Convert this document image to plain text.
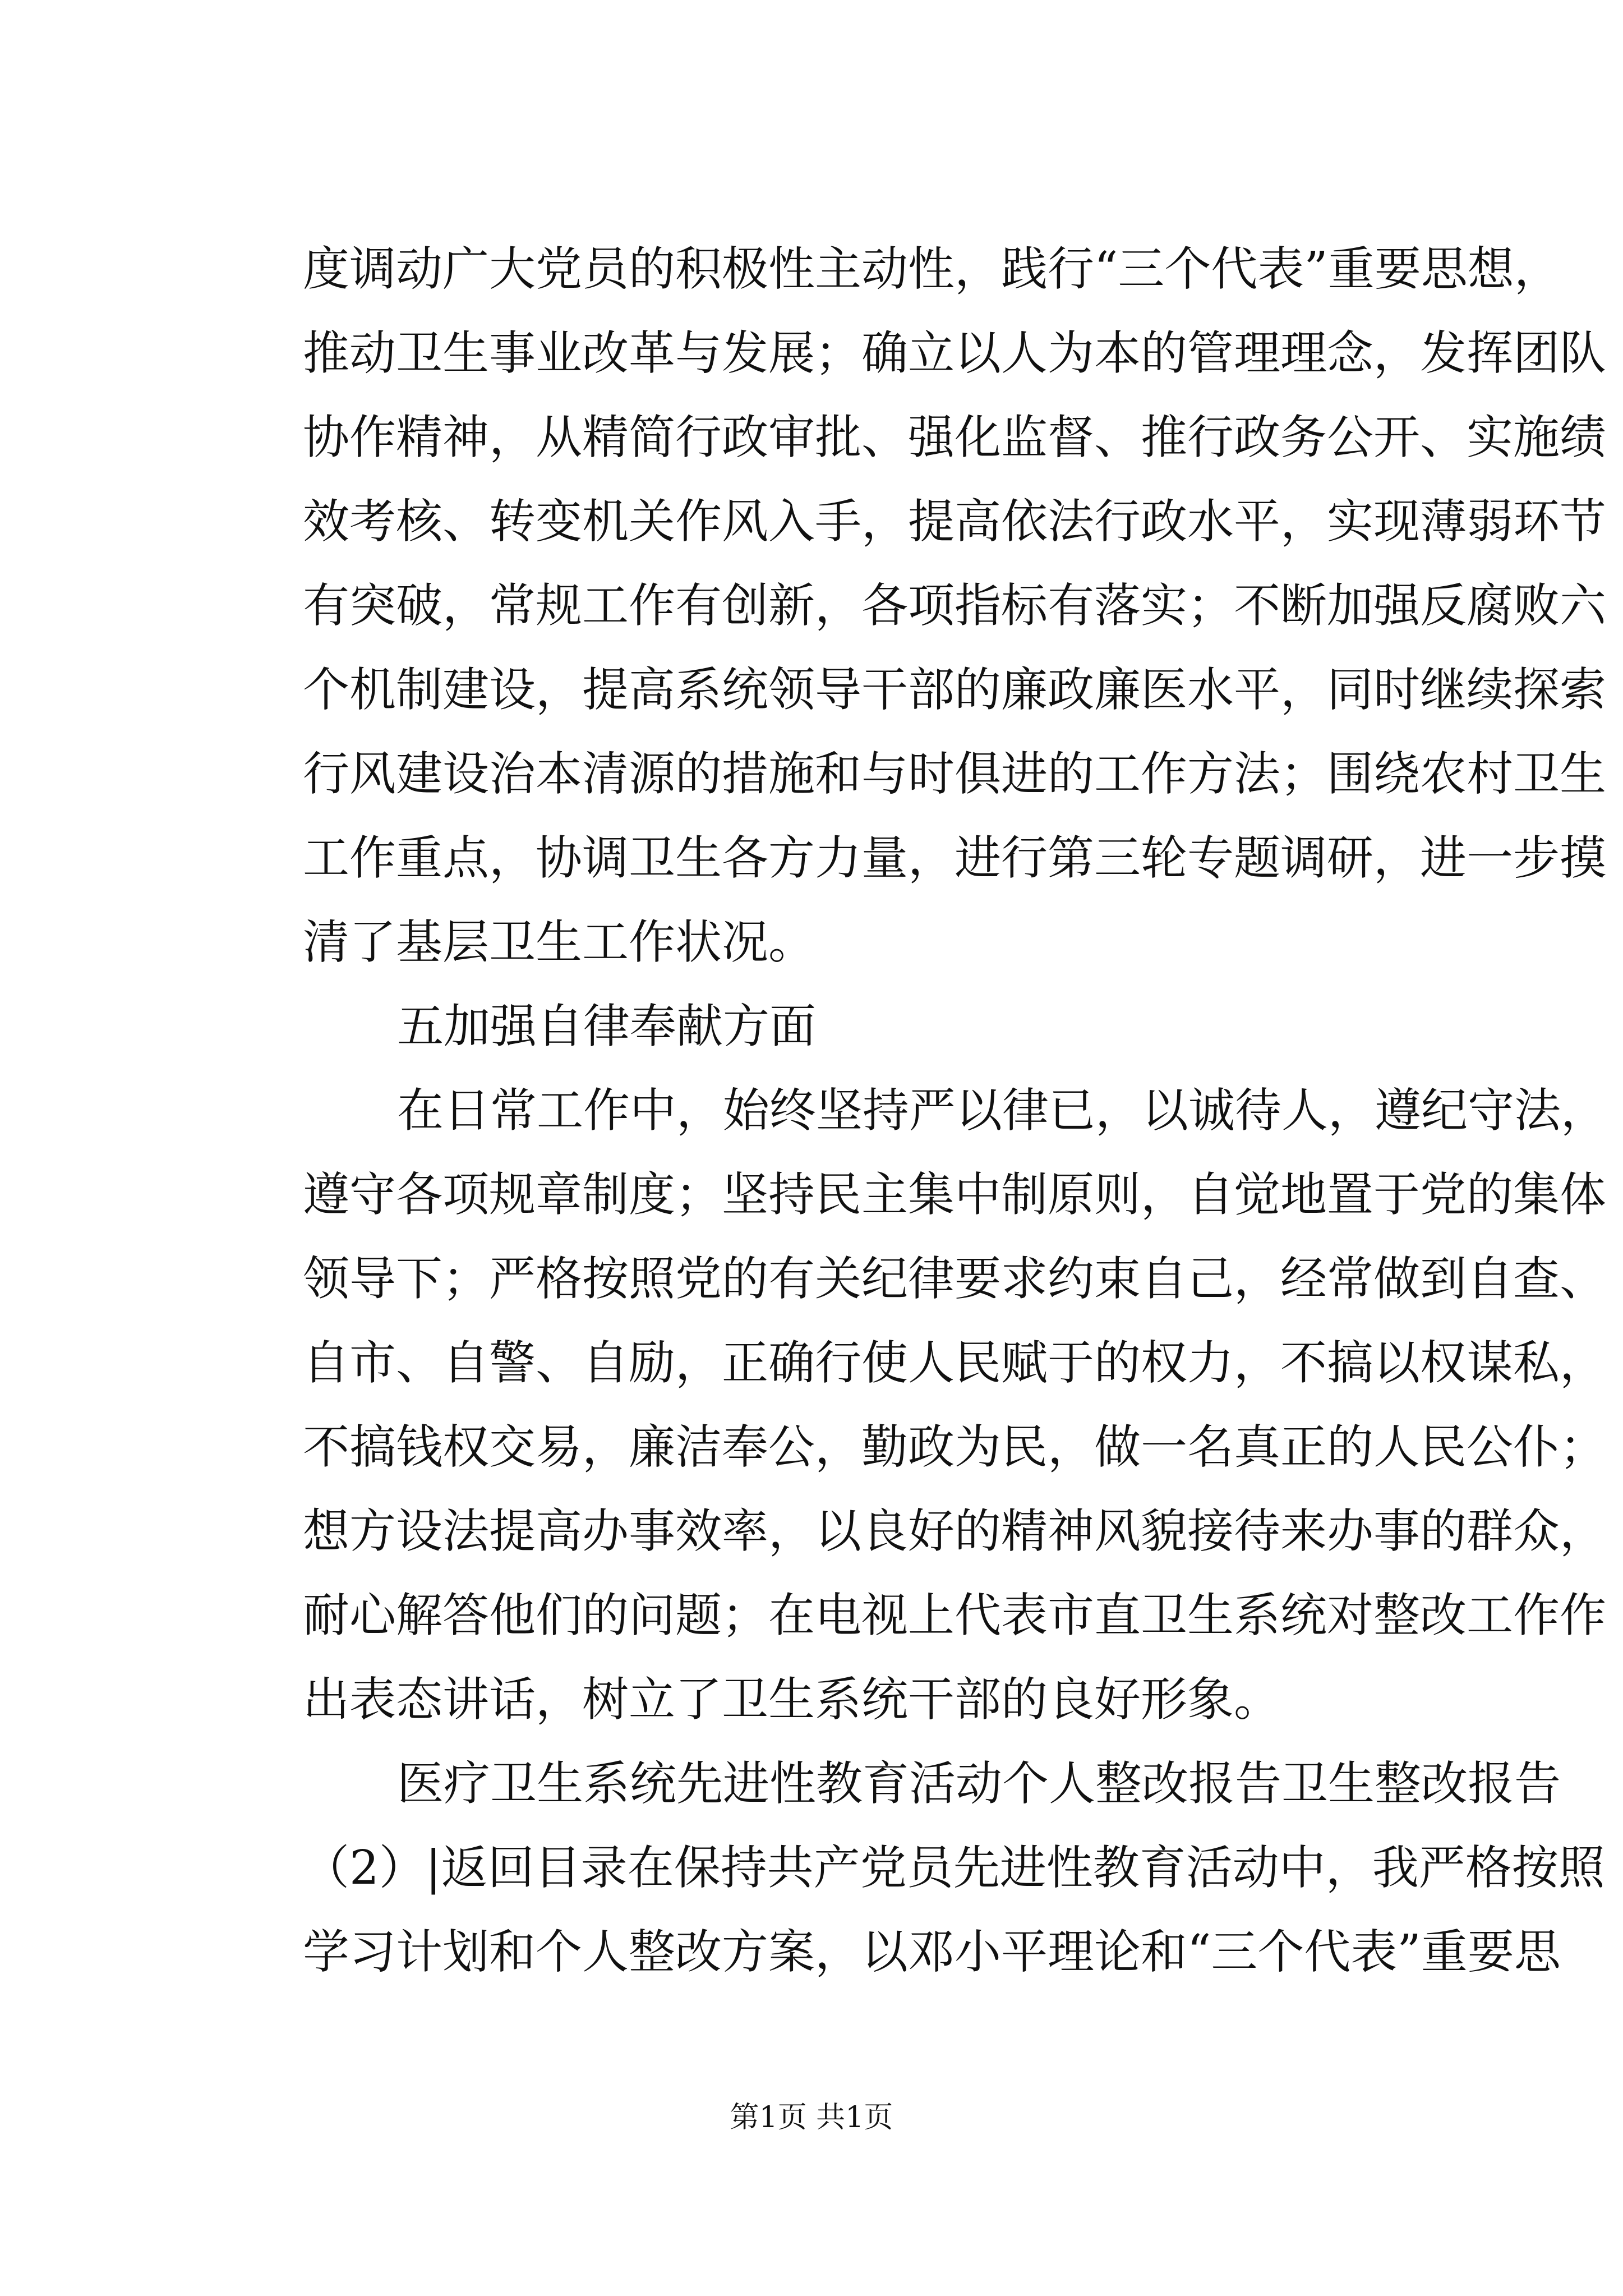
度调动广大党员的积极性主动性，践行“三个代表”重要思想，
推动卫生事业改革与发展；确立以人为本的管理理念，发挥团队
协作精神，从精简行政审批、强化监督、推行政务公开、实施绩
效考核、转变机关作风入手，提高依法行政水平，实现薄弱环节
有突破，常规工作有创新，各项指标有落实；不断加强反腐败六
个机制建设，提高系统领导干部的廉政廉医水平，同时继续探索
行风建设治本清源的措施和与时俱进的工作方法；围绕农村卫生
工作重点，协调卫生各方力量，进行第三轮专题调研，进一步摸
清了基层卫生工作状况。
五加强自律奉献方面
在日常工作中，始终坚持严以律已，以诚待人，遵纪守法，
遵守各项规章制度；坚持民主集中制原则，自觉地置于党的集体
领导下；严格按照党的有关纪律要求约束自己，经常做到自查、
自市、自警、自励，正确行使人民赋于的权力，不搞以权谋私，
不搞钱权交易，廉洁奉公，勤政为民，做一名真正的人民公仆；
想方设法提高办事效率，以良好的精神风貌接待来办事的群众，
耐心解答他们的问题；在电视上代表市直卫生系统对整改工作作
出表态讲话，树立了卫生系统干部的良好形象。
医疗卫生系统先进性教育活动个人整改报告卫生整改报告
（2）|返回目录在保持共产党员先进性教育活动中，我严格按照
学习计划和个人整改方案，以邓小平理论和“三个代表”重要思
第1页 共1页
